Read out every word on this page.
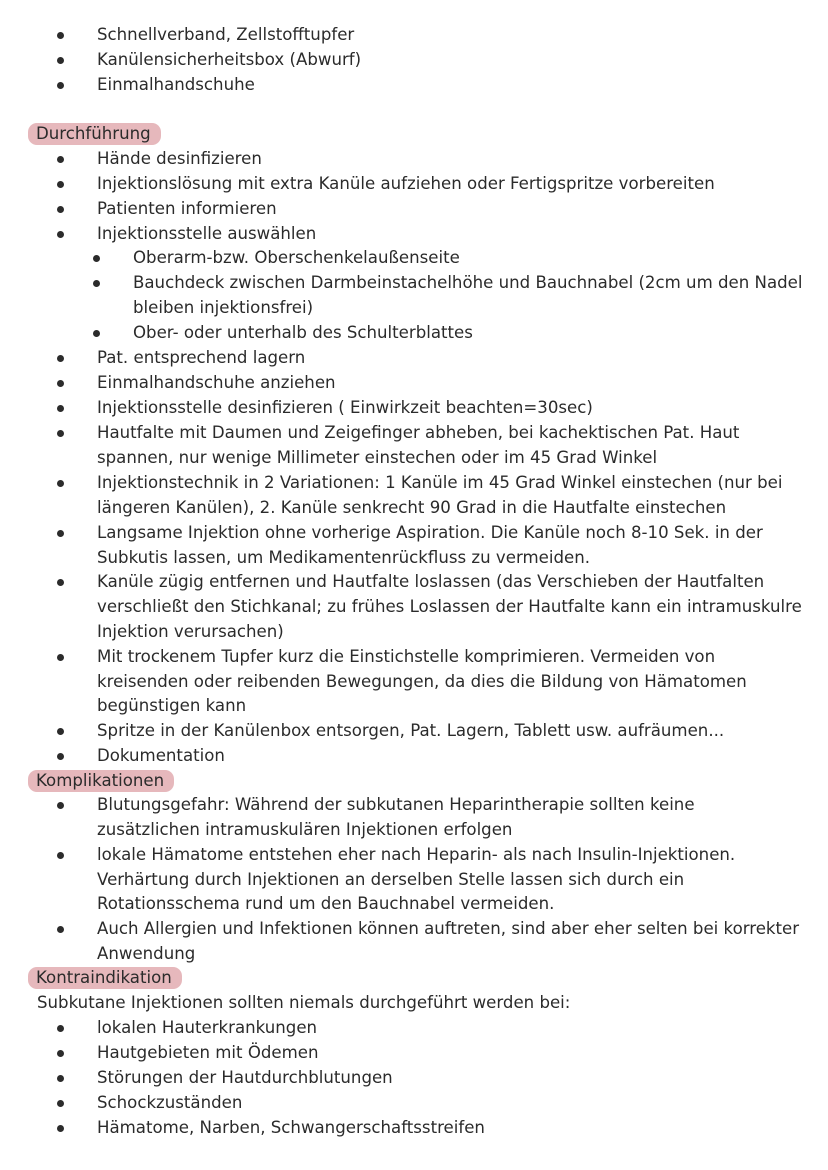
Schnellverband, Zellstofftupfer
Kanülensicherheitsbox (Abwurf)
Einmalhandschuhe
Durchführung
Hände desinfizieren
Injektionslösung mit extra Kanüle aufziehen oder Fertigspritze vorbereiten
Patienten informieren
Injektionsstelle auswählen
Oberarm-bzw. Oberschenkelaußenseite
Bauchdeck zwischen Darmbeinstachelhöhe und Bauchnabel (2cm um den Nadel
bleiben injektionsfrei)
Ober- oder unterhalb des Schulterblattes
Pat. entsprechend lagern
Einmalhandschuhe anziehen
Injektionsstelle desinfizieren ( Einwirkzeit beachten=30sec)
Hautfalte mit Daumen und Zeigefinger abheben, bei kachektischen Pat. Haut
spannen, nur wenige Millimeter einstechen oder im 45 Grad Winkel
Injektionstechnik in 2 Variationen: 1 Kanüle im 45 Grad Winkel einstechen (nur bei
längeren Kanülen), 2. Kanüle senkrecht 90 Grad in die Hautfalte einstechen
Langsame Injektion ohne vorherige Aspiration. Die Kanüle noch 8-10 Sek. in der
Subkutis lassen, um Medikamentenrückfluss zu vermeiden.
Kanüle zügig entfernen und Hautfalte loslassen (das Verschieben der Hautfalten
verschließt den Stichkanal; zu frühes Loslassen der Hautfalte kann ein intramuskulre
Injektion verursachen)
Mit trockenem Tupfer kurz die Einstichstelle komprimieren. Vermeiden von
kreisenden oder reibenden Bewegungen, da dies die Bildung von Hämatomen
begünstigen kann
Spritze in der Kanülenbox entsorgen, Pat. Lagern, Tablett usw. aufräumen...
Dokumentation
Komplikationen
Blutungsgefahr: Während der subkutanen Heparintherapie sollten keine
zusätzlichen intramuskulären Injektionen erfolgen
lokale Hämatome entstehen eher nach Heparin- als nach Insulin-Injektionen.
Verhärtung durch Injektionen an derselben Stelle lassen sich durch ein
Rotationsschema rund um den Bauchnabel vermeiden.
Auch Allergien und Infektionen können auftreten, sind aber eher selten bei korrekter
Anwendung
Kontraindikation
Subkutane Injektionen sollten niemals durchgeführt werden bei:
lokalen Hauterkrankungen
Hautgebieten mit Ödemen
Störungen der Hautdurchblutungen
Schockzuständen
Hämatome, Narben, Schwangerschaftsstreifen
